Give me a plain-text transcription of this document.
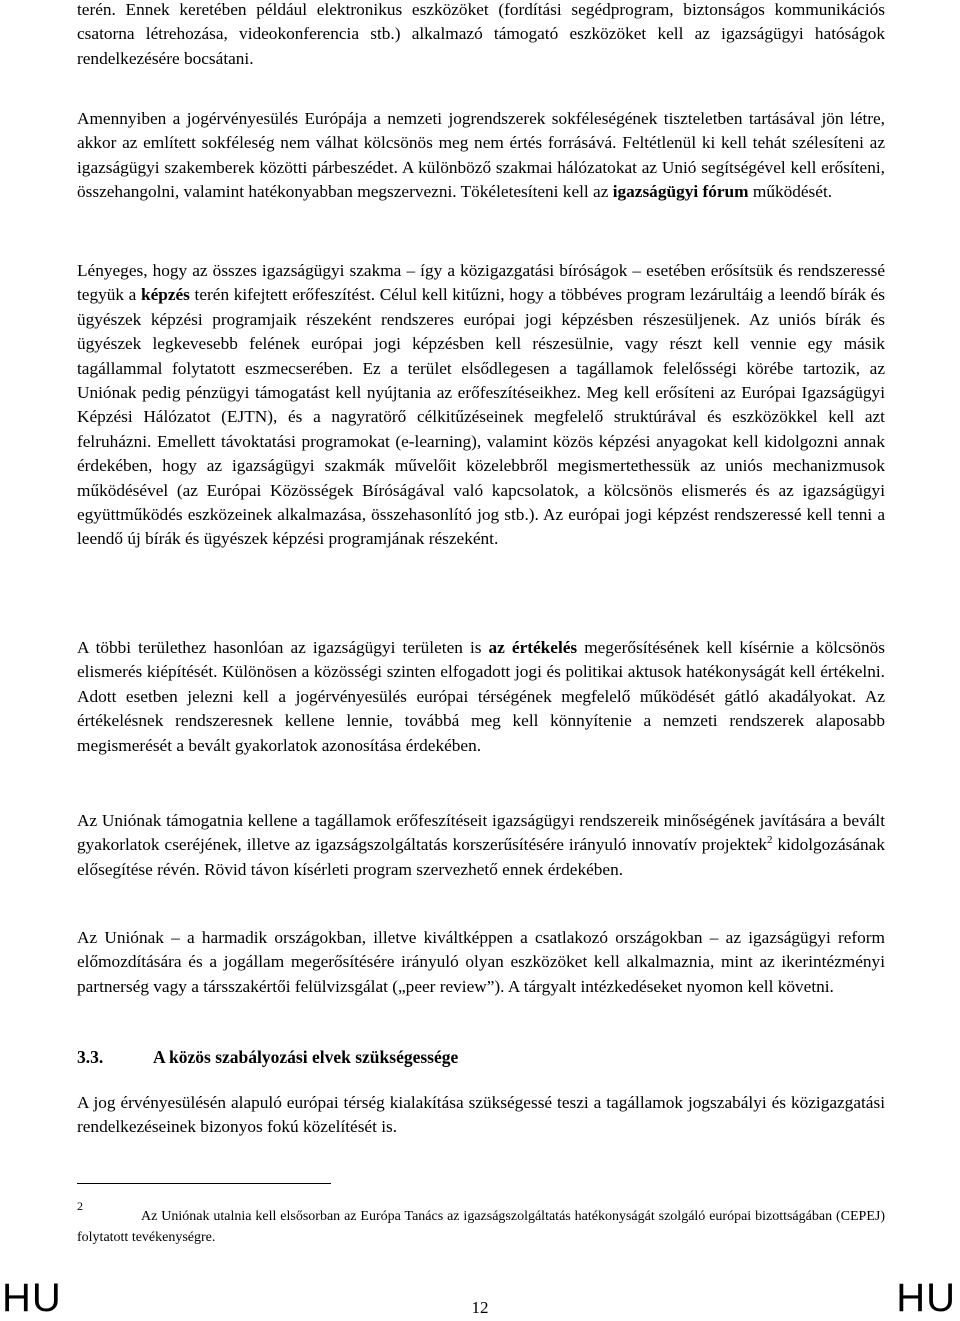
terén. Ennek keretében például elektronikus eszközöket (fordítási segédprogram, biztonságos kommunikációs csatorna létrehozása, videokonferencia stb.) alkalmazó támogató eszközöket kell az igazságügyi hatóságok rendelkezésére bocsátani.

Amennyiben a jogérvényesülés Európája a nemzeti jogrendszerek sokféleségének tiszteletben tartásával jön létre, akkor az említett sokféleség nem válhat kölcsönös meg nem értés forrásává. Feltétlenül ki kell tehát szélesíteni az igazságügyi szakemberek közötti párbeszédet. A különböző szakmai hálózatokat az Unió segítségével kell erősíteni, összehangolni, valamint hatékonyabban megszervezni. Tökéletesíteni kell az igazságügyi fórum működését.

Lényeges, hogy az összes igazságügyi szakma – így a közigazgatási bíróságok – esetében erősítsük és rendszeressé tegyük a képzés terén kifejtett erőfeszítést. Célul kell kitűzni, hogy a többéves program lezárultáig a leendő bírák és ügyészek képzési programjaik részeként rendszeres európai jogi képzésben részesüljenek. Az uniós bírák és ügyészek legkevesebb felének európai jogi képzésben kell részesülnie, vagy részt kell vennie egy másik tagállammal folytatott eszmecserében. Ez a terület elsődlegesen a tagállamok felelősségi körébe tartozik, az Uniónak pedig pénzügyi támogatást kell nyújtania az erőfeszítéseikhez. Meg kell erősíteni az Európai Igazságügyi Képzési Hálózatot (EJTN), és a nagyratörő célkitűzéseinek megfelelő struktúrával és eszközökkel kell azt felruházni. Emellett távoktatási programokat (e-learning), valamint közös képzési anyagokat kell kidolgozni annak érdekében, hogy az igazságügyi szakmák művelőit közelebbről megismertethessük az uniós mechanizmusok működésével (az Európai Közösségek Bíróságával való kapcsolatok, a kölcsönös elismerés és az igazságügyi együttműködés eszközeinek alkalmazása, összehasonlító jog stb.). Az európai jogi képzést rendszeressé kell tenni a leendő új bírák és ügyészek képzési programjának részeként.

A többi területhez hasonlóan az igazságügyi területen is az értékelés megerősítésének kell kísérnie a kölcsönös elismerés kiépítését. Különösen a közösségi szinten elfogadott jogi és politikai aktusok hatékonyságát kell értékelni. Adott esetben jelezni kell a jogérvényesülés európai térségének megfelelő működését gátló akadályokat. Az értékelésnek rendszeresnek kellene lennie, továbbá meg kell könnyítenie a nemzeti rendszerek alaposabb megismerését a bevált gyakorlatok azonosítása érdekében.

Az Uniónak támogatnia kellene a tagállamok erőfeszítéseit igazságügyi rendszereik minőségének javítására a bevált gyakorlatok cseréjének, illetve az igazságszolgáltatás korszerűsítésére irányuló innovatív projektek$^2$ kidolgozásának elősegítése révén. Rövid távon kísérleti program szervezhető ennek érdekében.

Az Uniónak – a harmadik országokban, illetve kiváltképpen a csatlakozó országokban – az igazságügyi reform előmozdítására és a jogállam megerősítésére irányuló olyan eszközöket kell alkalmaznia, mint az ikerintézményi partnerség vagy a társszakértői felülvizsgálat („peer review”). A tárgyalt intézkedéseket nyomon kell követni.

3.3.	A közös szabályozási elvek szükségessége

A jog érvényesülésén alapuló európai térség kialakítása szükségessé teszi a tagállamok jogszabályi és közigazgatási rendelkezéseinek bizonyos fokú közelítését is.

2

Az Uniónak utalnia kell elsősorban az Európa Tanács az igazságszolgáltatás hatékonyságát szolgáló európai bizottságában (CEPEJ) folytatott tevékenységre.

HU	12	HU
